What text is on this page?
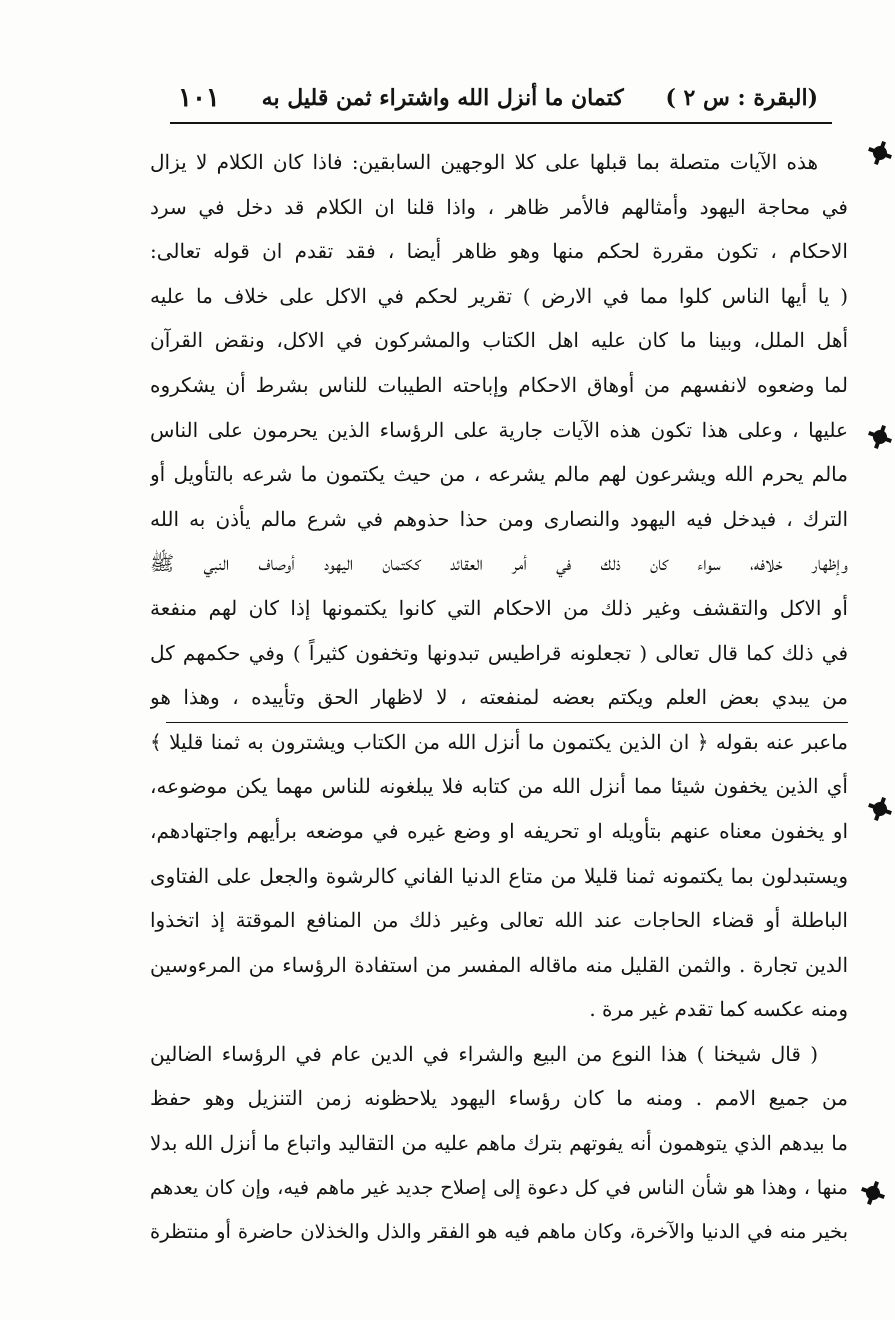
(البقرة : س ٢ )
كتمان ما أنزل الله واشتراء ثمن قليل به
١٠١
هذه الآيات متصلة بما قبلها على كلا الوجهين السابقين: فاذا كان الكلام لا يزال
في محاجة اليهود وأمثالهم فالأمر ظاهر ، واذا قلنا ان الكلام قد دخل في سرد
الاحكام ، تكون مقررة لحكم منها وهو ظاهر أيضا ، فقد تقدم ان قوله تعالى:
( يا أيها الناس كلوا مما في الارض ) تقرير لحكم في الاكل على خلاف ما عليه
أهل الملل، وبينا ما كان عليه اهل الكتاب والمشركون في الاكل، ونقض القرآن
لما وضعوه لانفسهم من أوهاق الاحكام وإباحته الطيبات للناس بشرط أن يشكروه
عليها ، وعلى هذا تكون هذه الآيات جارية على الرؤساء الذين يحرمون على الناس
مالم يحرم الله ويشرعون لهم مالم يشرعه ، من حيث يكتمون ما شرعه بالتأويل أو
الترك ، فيدخل فيه اليهود والنصارى ومن حذا حذوهم في شرع مالم يأذن به الله
وإظهار خلافه، سواء كان ذلك في أمر العقائد ككتمان اليهود أوصاف النبي ﷺ
أو الاكل والتقشف وغير ذلك من الاحكام التي كانوا يكتمونها إذا كان لهم منفعة
في ذلك كما قال تعالى ( تجعلونه قراطيس تبدونها وتخفون كثيراً ) وفي حكمهم كل
من يبدي بعض العلم ويكتم بعضه لمنفعته ، لا لاظهار الحق وتأييده ، وهذا هو
ماعبر عنه بقوله ﴿ ان الذين يكتمون ما أنزل الله من الكتاب ويشترون به ثمنا قليلا ﴾
أي الذين يخفون شيئا مما أنزل الله من كتابه فلا يبلغونه للناس مهما يكن موضوعه،
او يخفون معناه عنهم بتأويله او تحريفه او وضع غيره في موضعه برأيهم واجتهادهم،
ويستبدلون بما يكتمونه ثمنا قليلا من متاع الدنيا الفاني كالرشوة والجعل على الفتاوى
الباطلة أو قضاء الحاجات عند الله تعالى وغير ذلك من المنافع الموقتة إذ اتخذوا
الدين تجارة . والثمن القليل منه ماقاله المفسر من استفادة الرؤساء من المرءوسين
ومنه عكسه كما تقدم غير مرة .
( قال شيخنا ) هذا النوع من البيع والشراء في الدين عام في الرؤساء الضالين
من جميع الامم . ومنه ما كان رؤساء اليهود يلاحظونه زمن التنزيل وهو حفظ
ما بيدهم الذي يتوهمون أنه يفوتهم بترك ماهم عليه من التقاليد واتباع ما أنزل الله بدلا
منها ، وهذا هو شأن الناس في كل دعوة إلى إصلاح جديد غير ماهم فيه، وإن كان يعدهم
بخير منه في الدنيا والآخرة، وكان ماهم فيه هو الفقر والذل والخذلان حاضرة أو منتظرة
